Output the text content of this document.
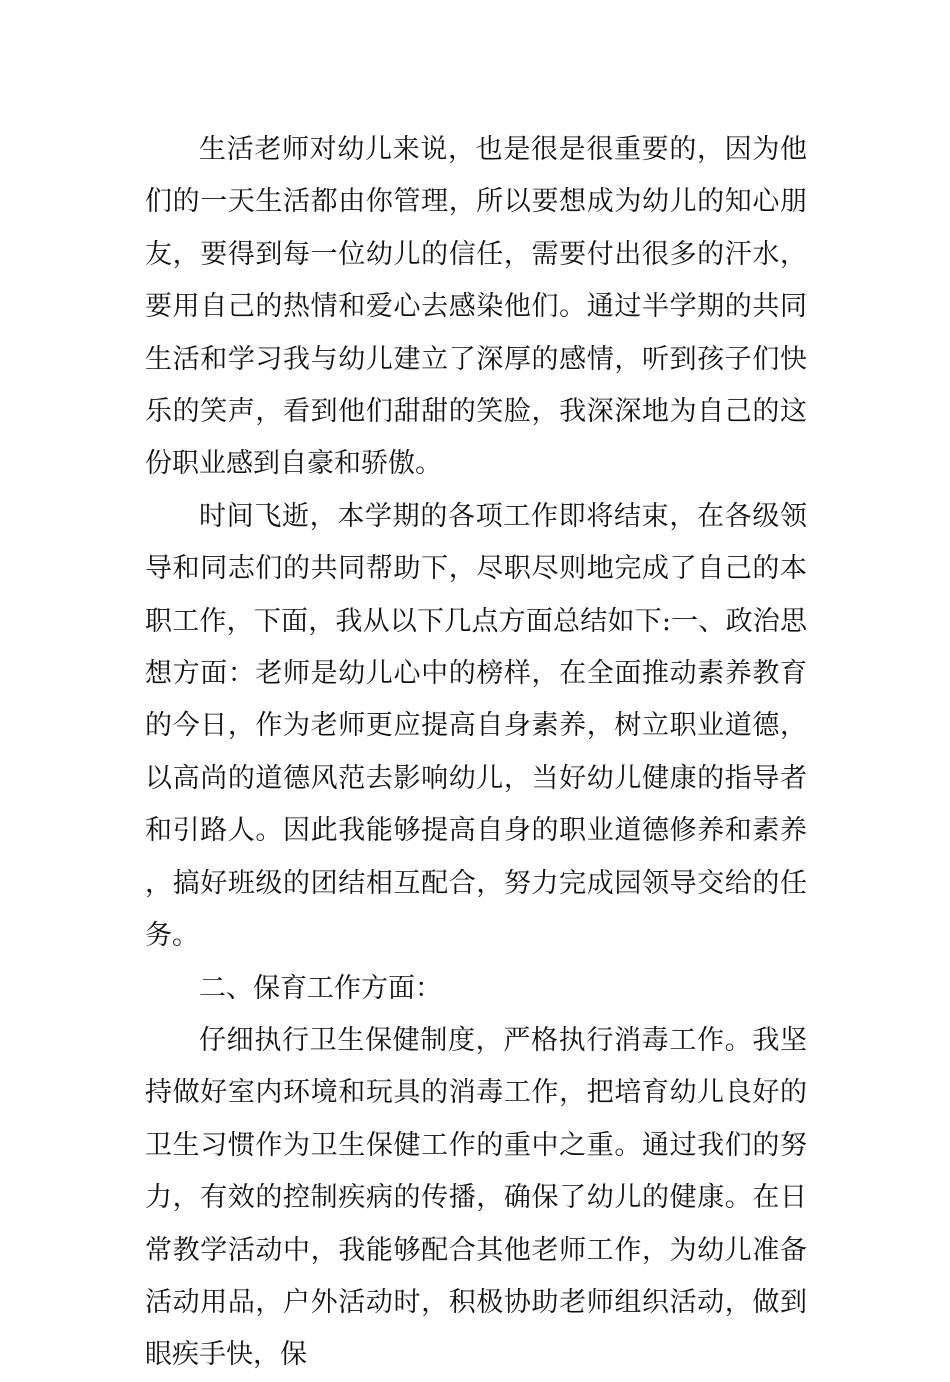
生活老师对幼儿来说，也是很是很重要的，因为他们的一天生活都由你管理，所以要想成为幼儿的知心朋友，要得到每一位幼儿的信任，需要付出很多的汗水，要用自己的热情和爱心去感染他们。通过半学期的共同生活和学习我与幼儿建立了深厚的感情，听到孩子们快乐的笑声，看到他们甜甜的笑脸，我深深地为自己的这份职业感到自豪和骄傲。

时间飞逝，本学期的各项工作即将结束，在各级领导和同志们的共同帮助下，尽职尽则地完成了自己的本职工作，下面，我从以下几点方面总结如下:一、政治思想方面：老师是幼儿心中的榜样，在全面推动素养教育的今日，作为老师更应提高自身素养，树立职业道德，以高尚的道德风范去影响幼儿，当好幼儿健康的指导者和引路人。因此我能够提高自身的职业道德修养和素养，搞好班级的团结相互配合，努力完成园领导交给的任务。

二、保育工作方面：

仔细执行卫生保健制度，严格执行消毒工作。我坚持做好室内环境和玩具的消毒工作，把培育幼儿良好的卫生习惯作为卫生保健工作的重中之重。通过我们的努力，有效的控制疾病的传播，确保了幼儿的健康。在日常教学活动中，我能够配合其他老师工作，为幼儿准备活动用品，户外活动时，积极协助老师组织活动，做到眼疾手快，保
